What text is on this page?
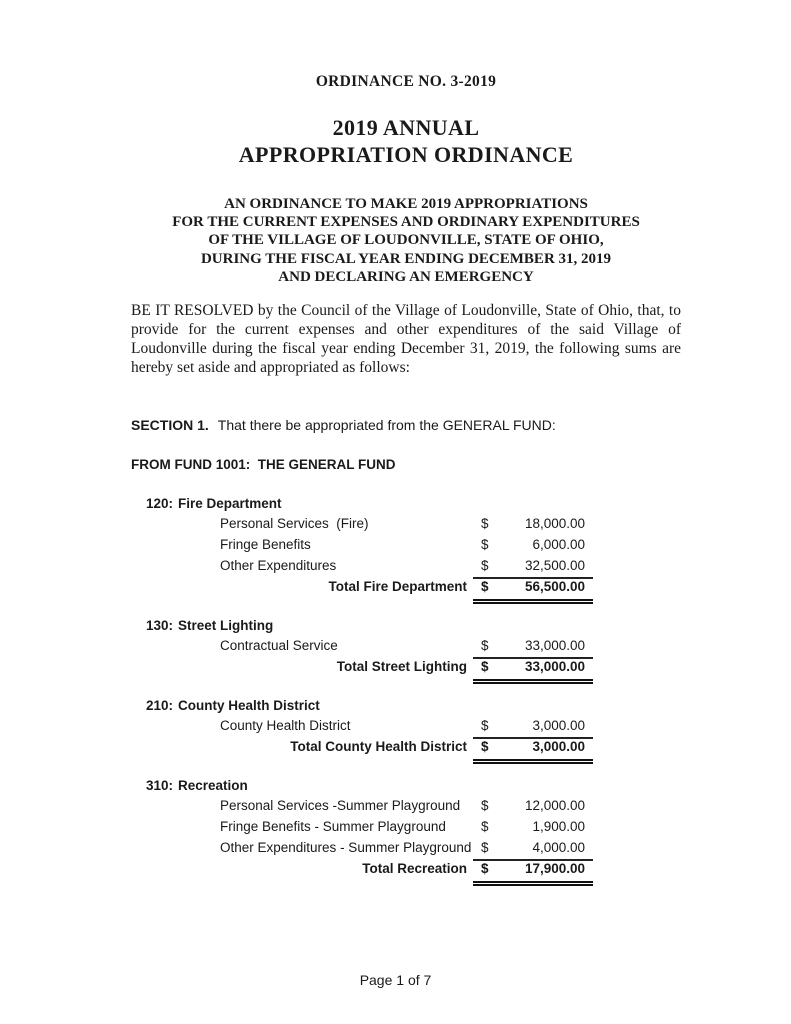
ORDINANCE NO. 3-2019
2019 ANNUAL
APPROPRIATION ORDINANCE
AN ORDINANCE TO MAKE 2019 APPROPRIATIONS
FOR THE CURRENT EXPENSES AND ORDINARY EXPENDITURES
OF THE VILLAGE OF LOUDONVILLE, STATE OF OHIO,
DURING THE FISCAL YEAR ENDING DECEMBER 31, 2019
AND DECLARING AN EMERGENCY
BE IT RESOLVED by the Council of the Village of Loudonville, State of Ohio, that, to provide for the current expenses and other expenditures of the said Village of Loudonville during the fiscal year ending December 31, 2019, the following sums are hereby set aside and appropriated as follows:
SECTION 1. That there be appropriated from the GENERAL FUND:
FROM FUND 1001:  THE GENERAL FUND
120: Fire Department
Personal Services  (Fire)	$	18,000.00
Fringe Benefits	$	6,000.00
Other Expenditures	$	32,500.00
Total Fire Department	$	56,500.00
130: Street Lighting
Contractual Service	$	33,000.00
Total Street Lighting	$	33,000.00
210: County Health District
County Health District	$	3,000.00
Total County Health District	$	3,000.00
310: Recreation
Personal Services -Summer Playground	$	12,000.00
Fringe Benefits - Summer Playground	$	1,900.00
Other Expenditures - Summer Playground $	4,000.00
Total Recreation	$	17,900.00
Page 1 of 7
